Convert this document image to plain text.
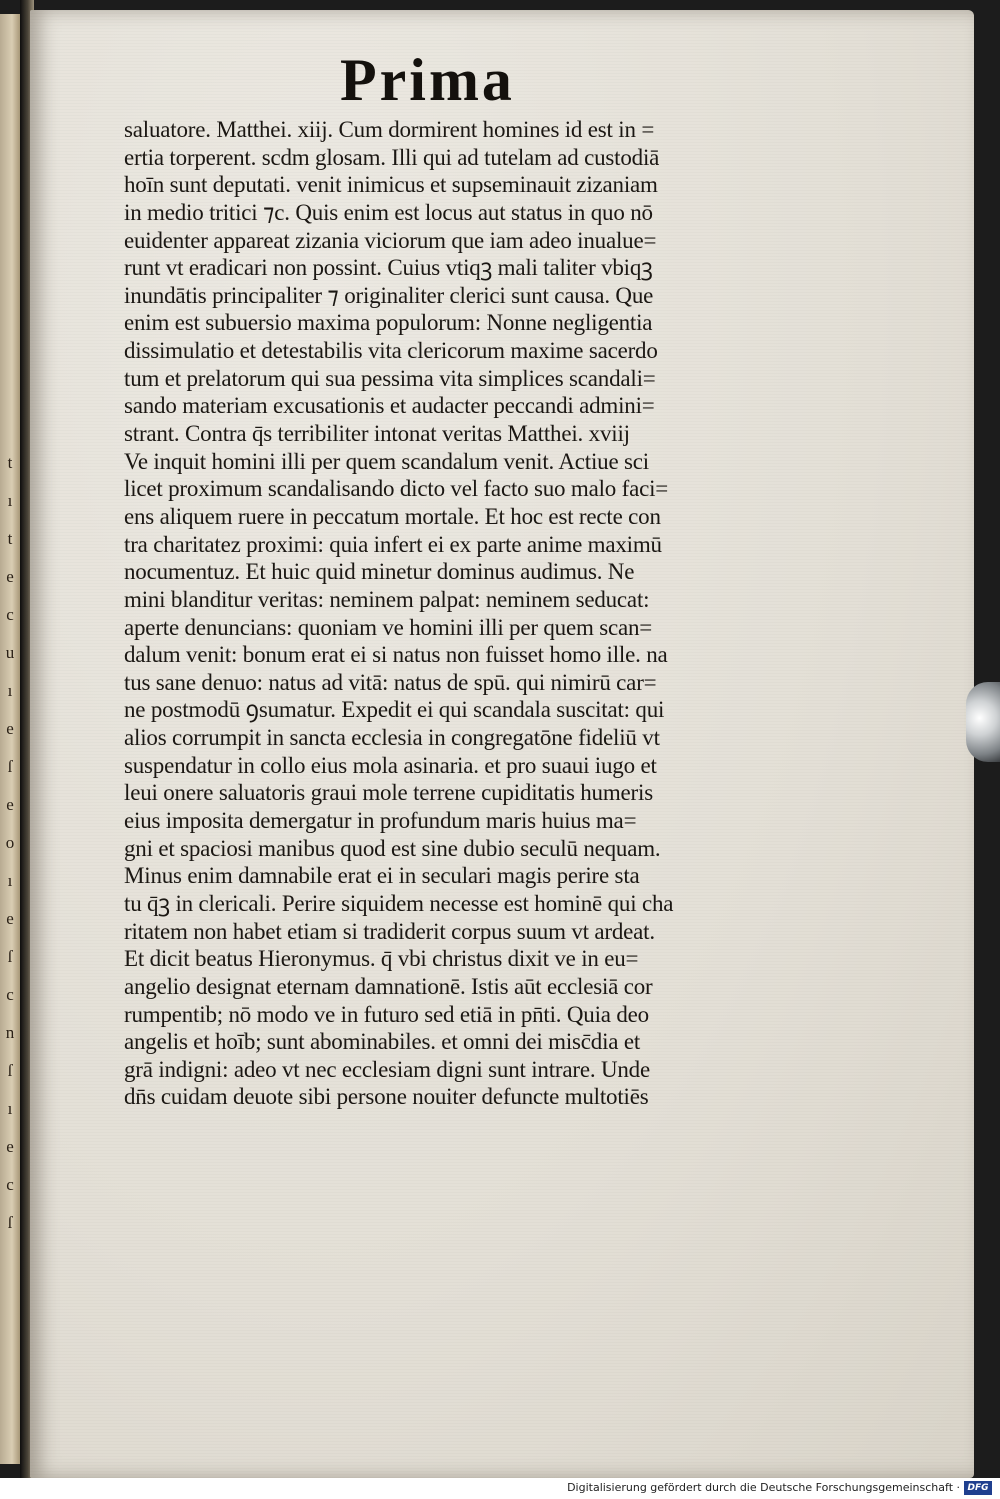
t
ı
t
e
c
u
ı
e
ſ
e
o
ı
e
ſ
c
n
ſ
ı
e
c
ſ
Prima
saluatore. Matthei. xiij. Cum dormirent homines id est in =
ertia torperent. scdm glosam. Illi qui ad tutelam ad custodiā
hoīn sunt deputati. venit inimicus et supseminauit zizaniam
in medio tritici ⁊c. Quis enim est locus aut status in quo nō
euidenter appareat zizania viciorum que iam adeo inualue=
runt vt eradicari non possint. Cuius vtiqꝫ mali taliter vbiqꝫ
inundātis principaliter ⁊ originaliter clerici sunt causa. Que
enim est subuersio maxima populorum: Nonne negligentia
dissimulatio et detestabilis vita clericorum maxime sacerdo
tum et prelatorum qui sua pessima vita simplices scandali=
sando materiam excusationis et audacter peccandi admini=
strant. Contra q̄s terribiliter intonat veritas Matthei. xviij
Ve inquit homini illi per quem scandalum venit. Actiue sci
licet proximum scandalisando dicto vel facto suo malo faci=
ens aliquem ruere in peccatum mortale. Et hoc est recte con
tra charitatez proximi: quia infert ei ex parte anime maximū
nocumentuz. Et huic quid minetur dominus audimus. Ne
mini blanditur veritas: neminem palpat: neminem seducat:
aperte denuncians: quoniam ve homini illi per quem scan=
dalum venit: bonum erat ei si natus non fuisset homo ille. na
tus sane denuo: natus ad vitā: natus de spū. qui nimirū car=
ne postmodū ꝯsumatur. Expedit ei qui scandala suscitat: qui
alios corrumpit in sancta ecclesia in congregatōne fideliū vt
suspendatur in collo eius mola asinaria. et pro suaui iugo et
leui onere saluatoris graui mole terrene cupiditatis humeris
eius imposita demergatur in profundum maris huius ma=
gni et spaciosi manibus quod est sine dubio seculū nequam.
Minus enim damnabile erat ei in seculari magis perire sta
tu q̄ꝫ in clericali. Perire siquidem necesse est hominē qui cha
ritatem non habet etiam si tradiderit corpus suum vt ardeat.
Et dicit beatus Hieronymus. q̄ vbi christus dixit ve in eu=
angelio designat eternam damnationē. Istis aūt ecclesiā cor
rumpentib; nō modo ve in futuro sed etiā in pn̄ti. Quia deo
angelis et hoīb; sunt abominabiles. et omni dei misc̄dia et
grā indigni: adeo vt nec ecclesiam digni sunt intrare. Unde
dn̄s cuidam deuote sibi persone nouiter defuncte multotiēs
Digitalisierung gefördert durch die Deutsche Forschungsgemeinschaft · DFG
